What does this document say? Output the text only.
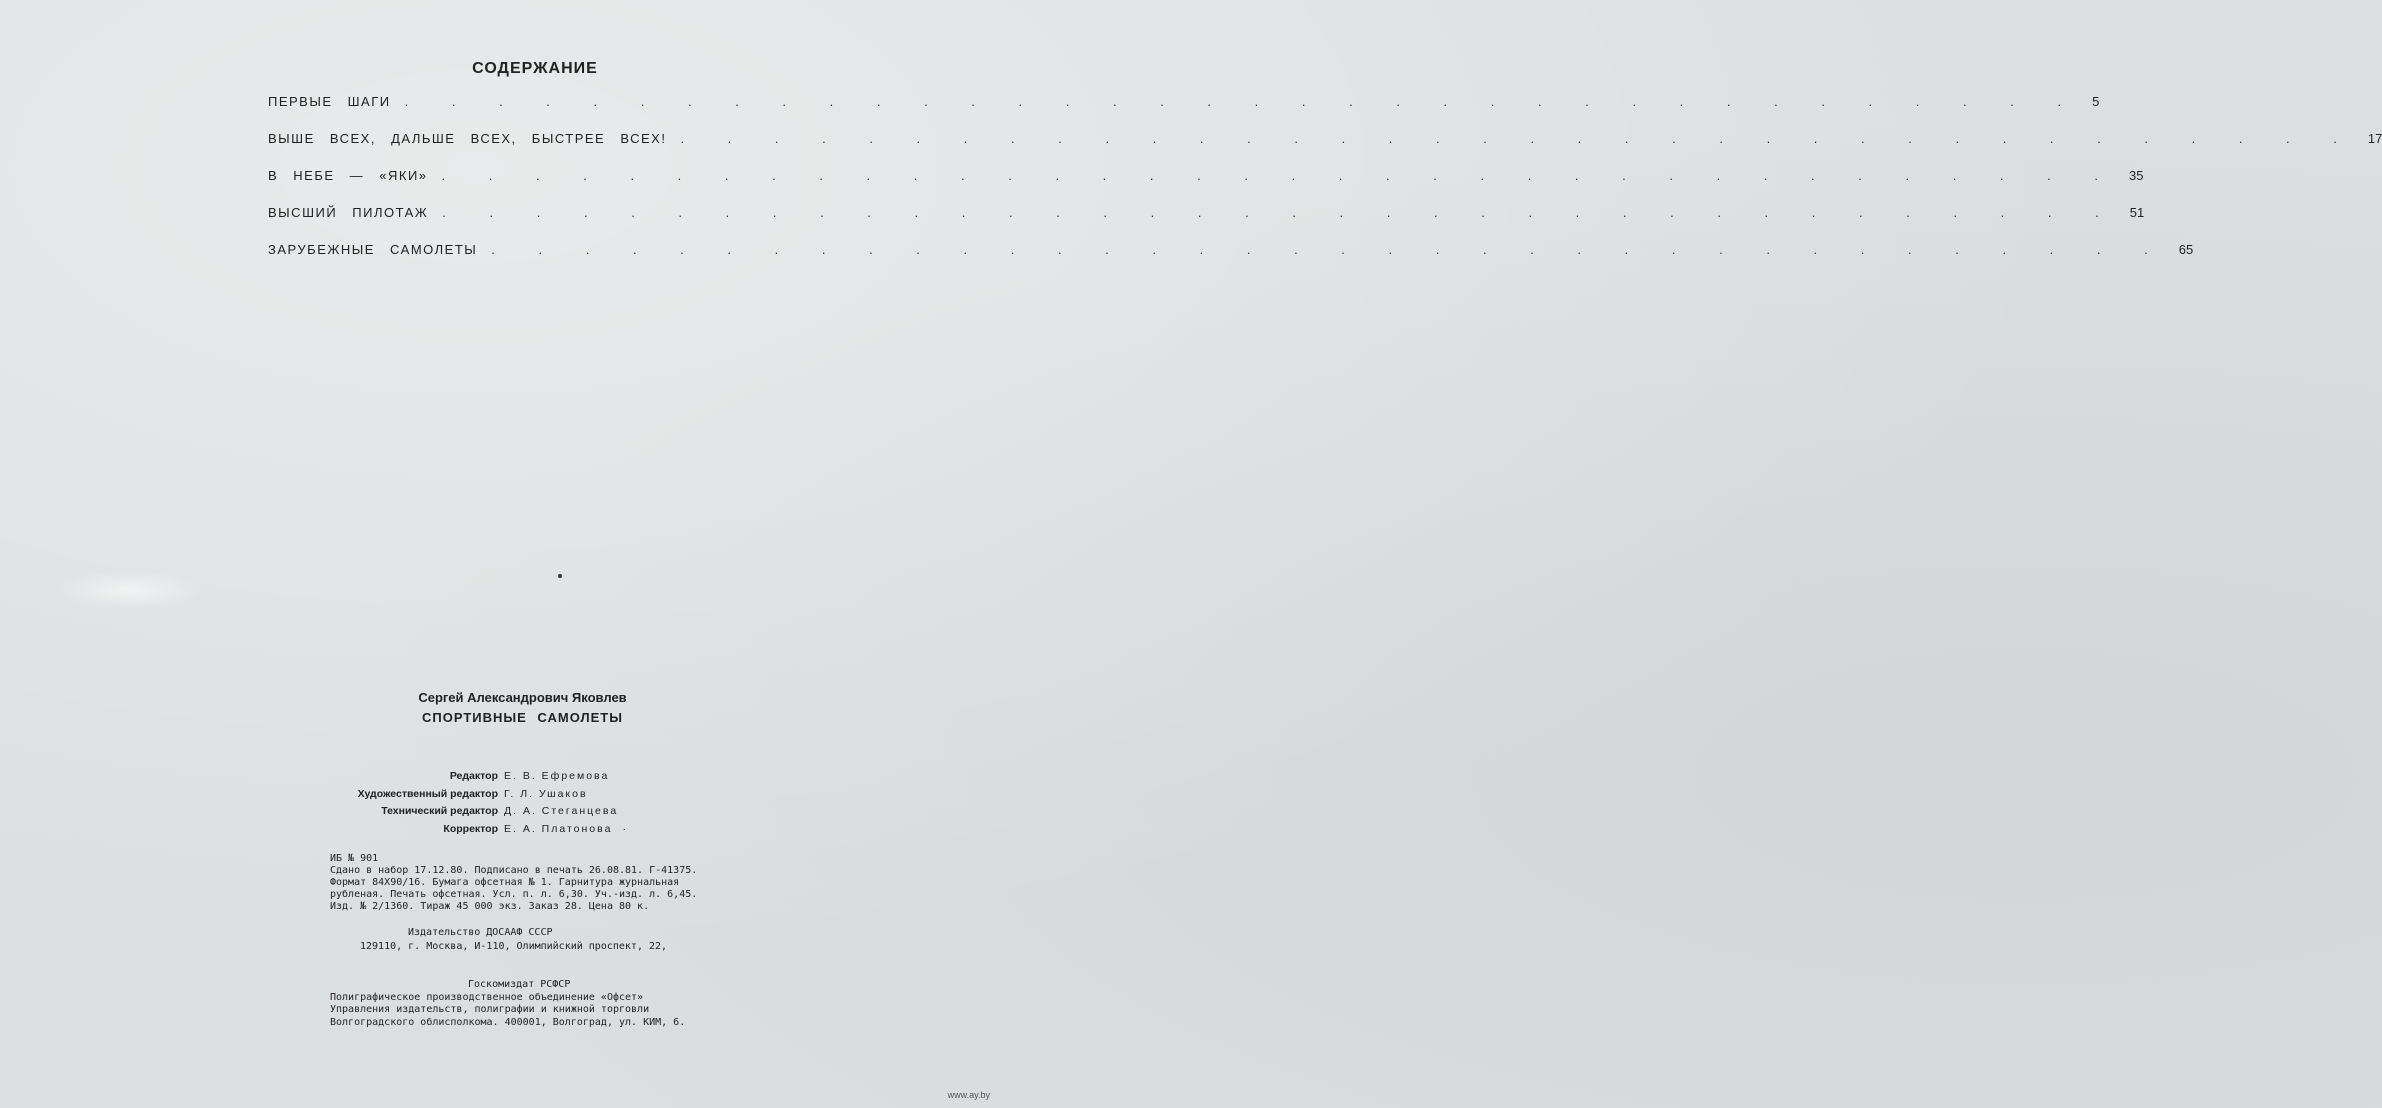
СОДЕРЖАНИЕ
ПЕРВЫЕ ШАГИ . . . . . . . . . . . . . . . . . . . . . . . . . . . . . . . . . . . . 5
ВЫШЕ ВСЕХ, ДАЛЬШЕ ВСЕХ, БЫСТРЕЕ ВСЕХ! . . . . . . . . . . . . . . . . . . . . . . . . . . . . . . . . . . . . 17
В НЕБЕ — «ЯКИ» . . . . . . . . . . . . . . . . . . . . . . . . . . . . . . . . . . . . 35
ВЫСШИЙ ПИЛОТАЖ . . . . . . . . . . . . . . . . . . . . . . . . . . . . . . . . . . . . 51
ЗАРУБЕЖНЫЕ САМОЛЕТЫ . . . . . . . . . . . . . . . . . . . . . . . . . . . . . . . . . . . . 65
Сергей Александрович Яковлев
СПОРТИВНЫЕ САМОЛЕТЫ
Редактор Е. В. Ефремова
Художественный редактор Г. Л. Ушаков
Технический редактор Д. А. Стеганцева
Корректор Е. А. Платонова ·
ИБ № 901
Сдано в набор 17.12.80. Подписано в печать 26.08.81. Г-41375.
Формат 84Х90/16. Бумага офсетная № 1. Гарнитура журнальная
рубленая. Печать офсетная. Усл. п. л. 6,30. Уч.-изд. л. 6,45.
Изд. № 2/1360. Тираж 45 000 экз. Заказ 28. Цена 80 к.
Издательство ДОСААФ СССР
129110, г. Москва, И-110, Олимпийский проспект, 22,
Госкомиздат РСФСР
Полиграфическое производственное объединение «Офсет»
Управления издательств, полиграфии и книжной торговли
Волгоградского облисполкома. 400001, Волгоград, ул. КИМ, 6.
www.ay.by
